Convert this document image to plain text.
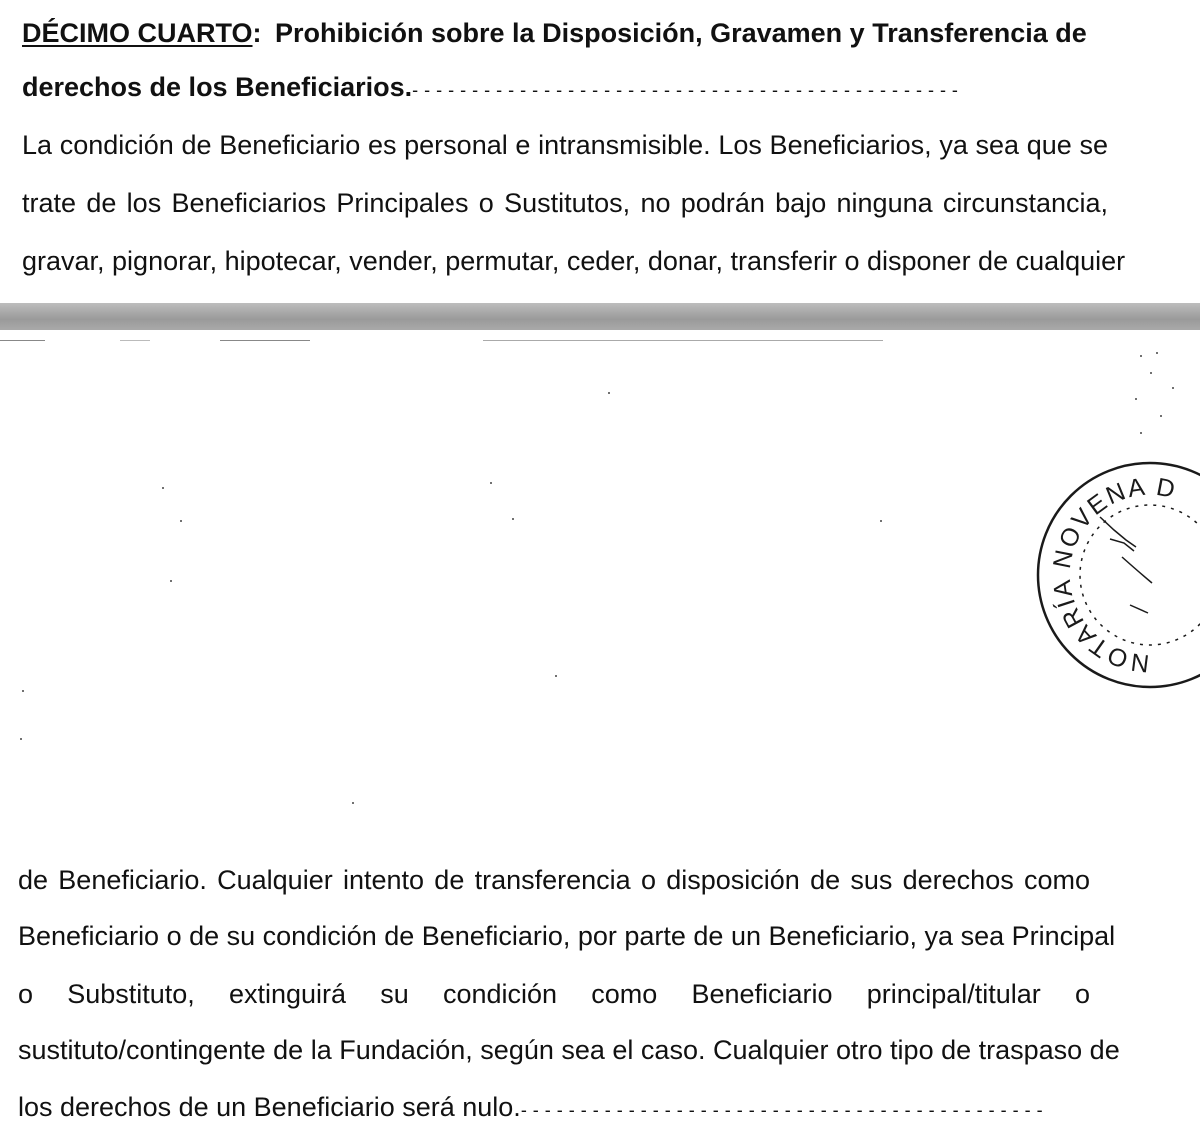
DÉCIMO CUARTO: Prohibición sobre la Disposición, Gravamen y Transferencia de
derechos de los Beneficiarios.- - - - - - - - - - - - - - - - - - - - - - - - - - - - - - - - - - - - - - - - - - - - - -
La condición de Beneficiario es personal e intransmisible. Los Beneficiarios, ya sea que se
trate de los Beneficiarios Principales o Sustitutos, no podrán bajo ninguna circunstancia,
gravar, pignorar, hipotecar, vender, permutar, ceder, donar, transferir o disponer de cualquier
NOTARÍA NOVENA D
de Beneficiario. Cualquier intento de transferencia o disposición de sus derechos como
Beneficiario o de su condición de Beneficiario, por parte de un Beneficiario, ya sea Principal
o Substituto, extinguirá su condición como Beneficiario principal/titular o
sustituto/contingente de la Fundación, según sea el caso. Cualquier otro tipo de traspaso de
los derechos de un Beneficiario será nulo.- - - - - - - - - - - - - - - - - - - - - - - - - - - - - - - - - - - - - - - - - - - -
